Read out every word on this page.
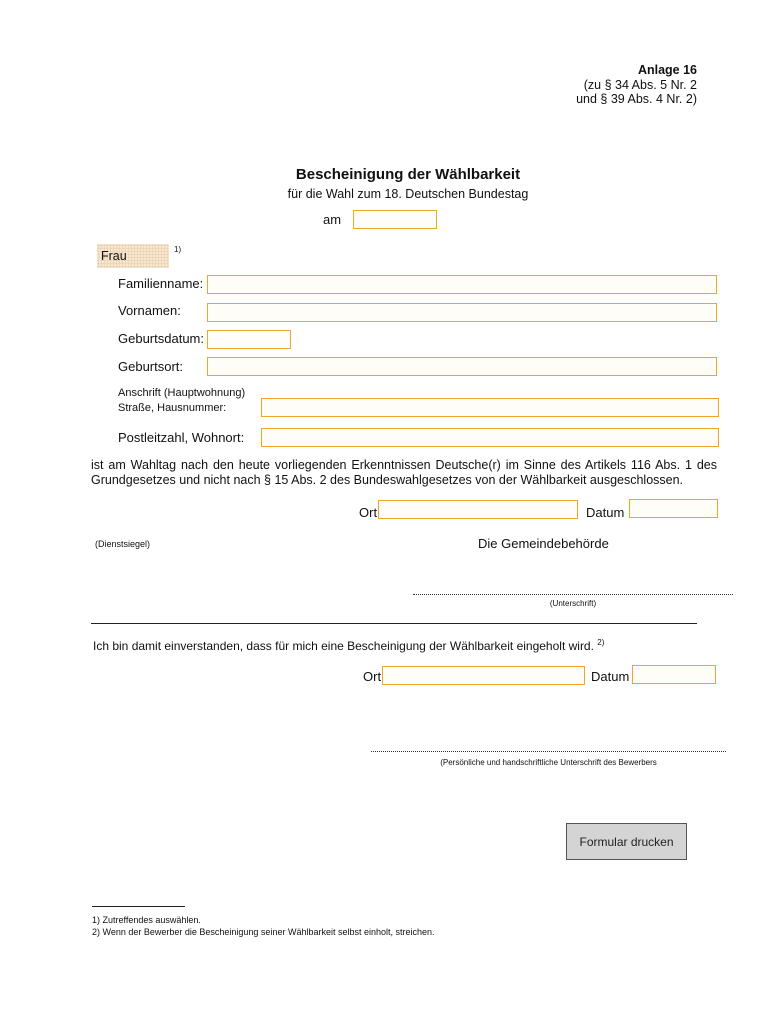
Anlage 16
(zu § 34 Abs. 5 Nr. 2
und § 39 Abs. 4 Nr. 2)
Bescheinigung der Wählbarkeit
für die Wahl zum 18. Deutschen Bundestag
am
Frau	1)
Familienname:
Vornamen:
Geburtsdatum:
Geburtsort:
Anschrift (Hauptwohnung)
Straße, Hausnummer:
Postleitzahl, Wohnort:
ist am Wahltag nach den heute vorliegenden Erkenntnissen Deutsche(r) im Sinne des Artikels 116 Abs. 1 des Grundgesetzes und nicht nach § 15 Abs. 2 des Bundeswahlgesetzes von der Wählbarkeit ausgeschlossen.
Ort	Datum
(Dienstsiegel)	Die Gemeindebehörde
(Unterschrift)
Ich bin damit einverstanden, dass für mich eine Bescheinigung der Wählbarkeit eingeholt wird. $^{2)}$
Ort	Datum
(Persönliche und handschriftliche Unterschrift des Bewerbers
Formular drucken
1) Zutreffendes auswählen.
2) Wenn der Bewerber die Bescheinigung seiner Wählbarkeit selbst einholt, streichen.
